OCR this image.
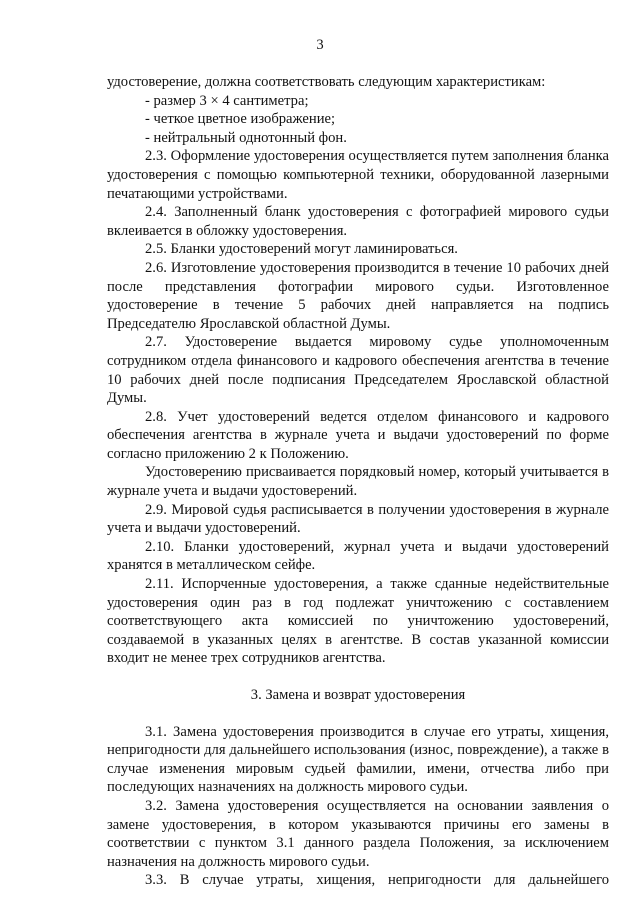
3
удостоверение, должна соответствовать следующим характеристикам:
- размер 3 × 4 сантиметра;
- четкое цветное изображение;
- нейтральный однотонный фон.
2.3. Оформление удостоверения осуществляется путем заполнения бланка удостоверения с помощью компьютерной техники, оборудованной лазерными печатающими устройствами.
2.4. Заполненный бланк удостоверения с фотографией мирового судьи вклеивается в обложку удостоверения.
2.5. Бланки удостоверений могут ламинироваться.
2.6. Изготовление удостоверения производится в течение 10 рабочих дней после представления фотографии мирового судьи. Изготовленное удостоверение в течение 5 рабочих дней направляется на подпись Председателю Ярославской областной Думы.
2.7. Удостоверение выдается мировому судье уполномоченным сотрудником отдела финансового и кадрового обеспечения агентства в течение 10 рабочих дней после подписания Председателем Ярославской областной Думы.
2.8. Учет удостоверений ведется отделом финансового и кадрового обеспечения агентства в журнале учета и выдачи удостоверений по форме согласно приложению 2 к Положению.
Удостоверению присваивается порядковый номер, который учитывается в журнале учета и выдачи удостоверений.
2.9. Мировой судья расписывается в получении удостоверения в журнале учета и выдачи удостоверений.
2.10. Бланки удостоверений, журнал учета и выдачи удостоверений хранятся в металлическом сейфе.
2.11. Испорченные удостоверения, а также сданные недействительные удостоверения один раз в год подлежат уничтожению с составлением соответствующего акта комиссией по уничтожению удостоверений, создаваемой в указанных целях в агентстве. В состав указанной комиссии входит не менее трех сотрудников агентства.
3. Замена и возврат удостоверения
3.1. Замена удостоверения производится в случае его утраты, хищения, непригодности для дальнейшего использования (износ, повреждение), а также в случае изменения мировым судьей фамилии, имени, отчества либо при последующих назначениях на должность мирового судьи.
3.2. Замена удостоверения осуществляется на основании заявления о замене удостоверения, в котором указываются причины его замены в соответствии с пунктом 3.1 данного раздела Положения, за исключением назначения на должность мирового судьи.
3.3. В случае утраты, хищения, непригодности для дальнейшего
